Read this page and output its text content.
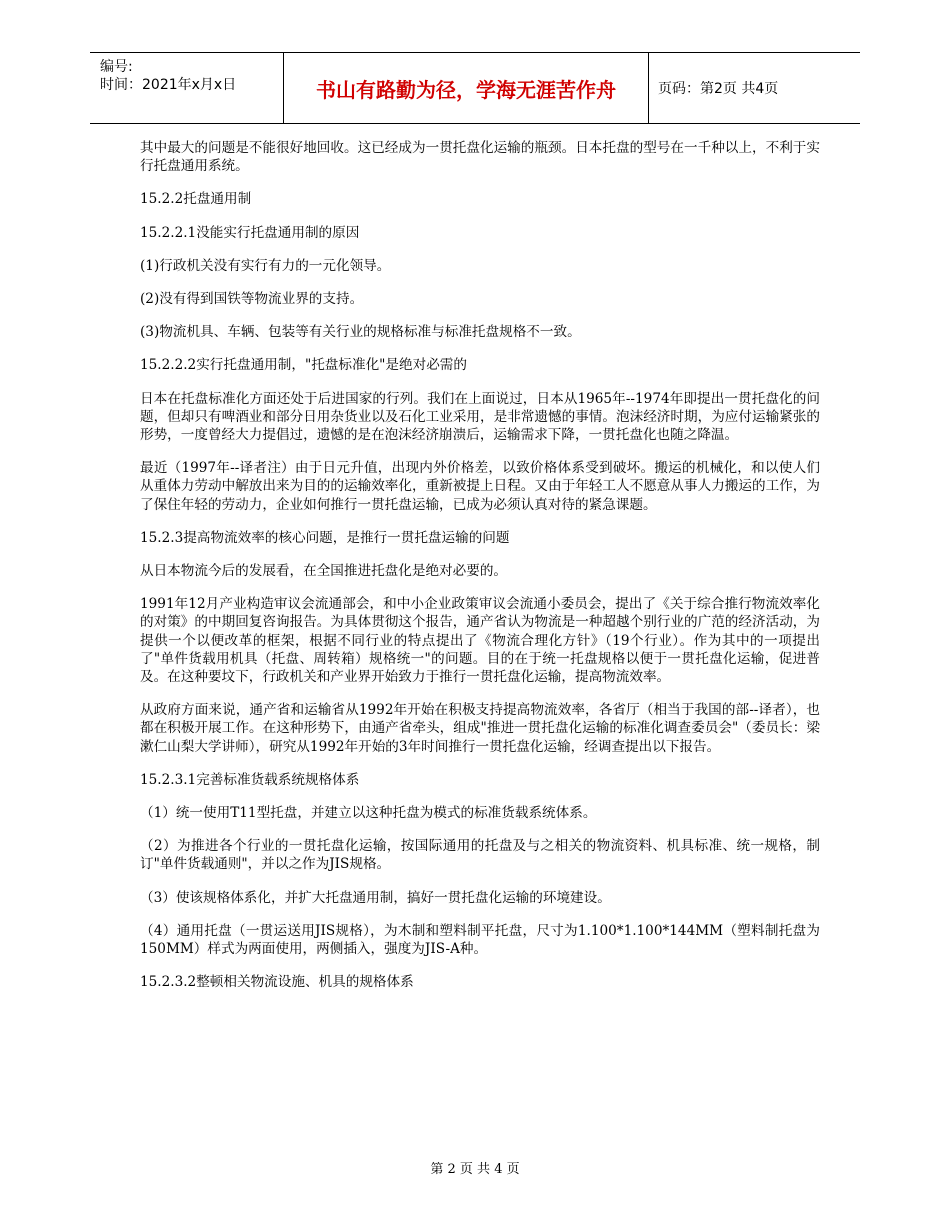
编号:
时间：2021年x月x日	书山有路勤为径，学海无涯苦作舟	页码：第2页 共4页

其中最大的问题是不能很好地回收。这已经成为一贯托盘化运输的瓶颈。日本托盘的型号在一千种以上，不利于实行托盘通用系统。

15.2.2托盘通用制

15.2.2.1没能实行托盘通用制的原因

(1)行政机关没有实行有力的一元化领导。

(2)没有得到国铁等物流业界的支持。

(3)物流机具、车辆、包装等有关行业的规格标准与标准托盘规格不一致。

15.2.2.2实行托盘通用制，"托盘标准化"是绝对必需的

日本在托盘标准化方面还处于后进国家的行列。我们在上面说过，日本从1965年--1974年即提出一贯托盘化的问题，但却只有啤酒业和部分日用杂货业以及石化工业采用，是非常遗憾的事情。泡沫经济时期，为应付运输紧张的形势，一度曾经大力提倡过，遗憾的是在泡沫经济崩溃后，运输需求下降，一贯托盘化也随之降温。

最近（1997年--译者注）由于日元升值，出现内外价格差，以致价格体系受到破坏。搬运的机械化，和以使人们从重体力劳动中解放出来为目的的运输效率化，重新被提上日程。又由于年轻工人不愿意从事人力搬运的工作，为了保住年轻的劳动力，企业如何推行一贯托盘运输，已成为必须认真对待的紧急课题。

15.2.3提高物流效率的核心问题，是推行一贯托盘运输的问题

从日本物流今后的发展看，在全国推进托盘化是绝对必要的。

1991年12月产业构造审议会流通部会，和中小企业政策审议会流通小委员会，提出了《关于综合推行物流效率化的对策》的中期回复咨询报告。为具体贯彻这个报告，通产省认为物流是一种超越个别行业的广范的经济活动，为提供一个以便改革的框架，根据不同行业的特点提出了《物流合理化方针》（19个行业）。作为其中的一项提出了"单件货载用机具（托盘、周转箱）规格统一"的问题。目的在于统一托盘规格以便于一贯托盘化运输，促进普及。在这种要坟下，行政机关和产业界开始致力于推行一贯托盘化运输，提高物流效率。

从政府方面来说，通产省和运输省从1992年开始在积极支持提高物流效率，各省厅（相当于我国的部--译者），也都在积极开展工作。在这种形势下，由通产省牵头，组成"推进一贯托盘化运输的标准化调查委员会"（委员长：梁漱仁山梨大学讲师），研究从1992年开始的3年时间推行一贯托盘化运输，经调查提出以下报告。

15.2.3.1完善标准货载系统规格体系

（1）统一使用T11型托盘，并建立以这种托盘为模式的标准货载系统体系。

（2）为推进各个行业的一贯托盘化运输，按国际通用的托盘及与之相关的物流资料、机具标准、统一规格，制订"单件货载通则"，并以之作为JIS规格。

（3）使该规格体系化，并扩大托盘通用制，搞好一贯托盘化运输的环境建设。

（4）通用托盘（一贯运送用JIS规格），为木制和塑料制平托盘，尺寸为1.100*1.100*144MM（塑料制托盘为150MM）样式为两面使用，两侧插入，强度为JIS-A种。

15.2.3.2整顿相关物流设施、机具的规格体系

第 2 页 共 4 页
